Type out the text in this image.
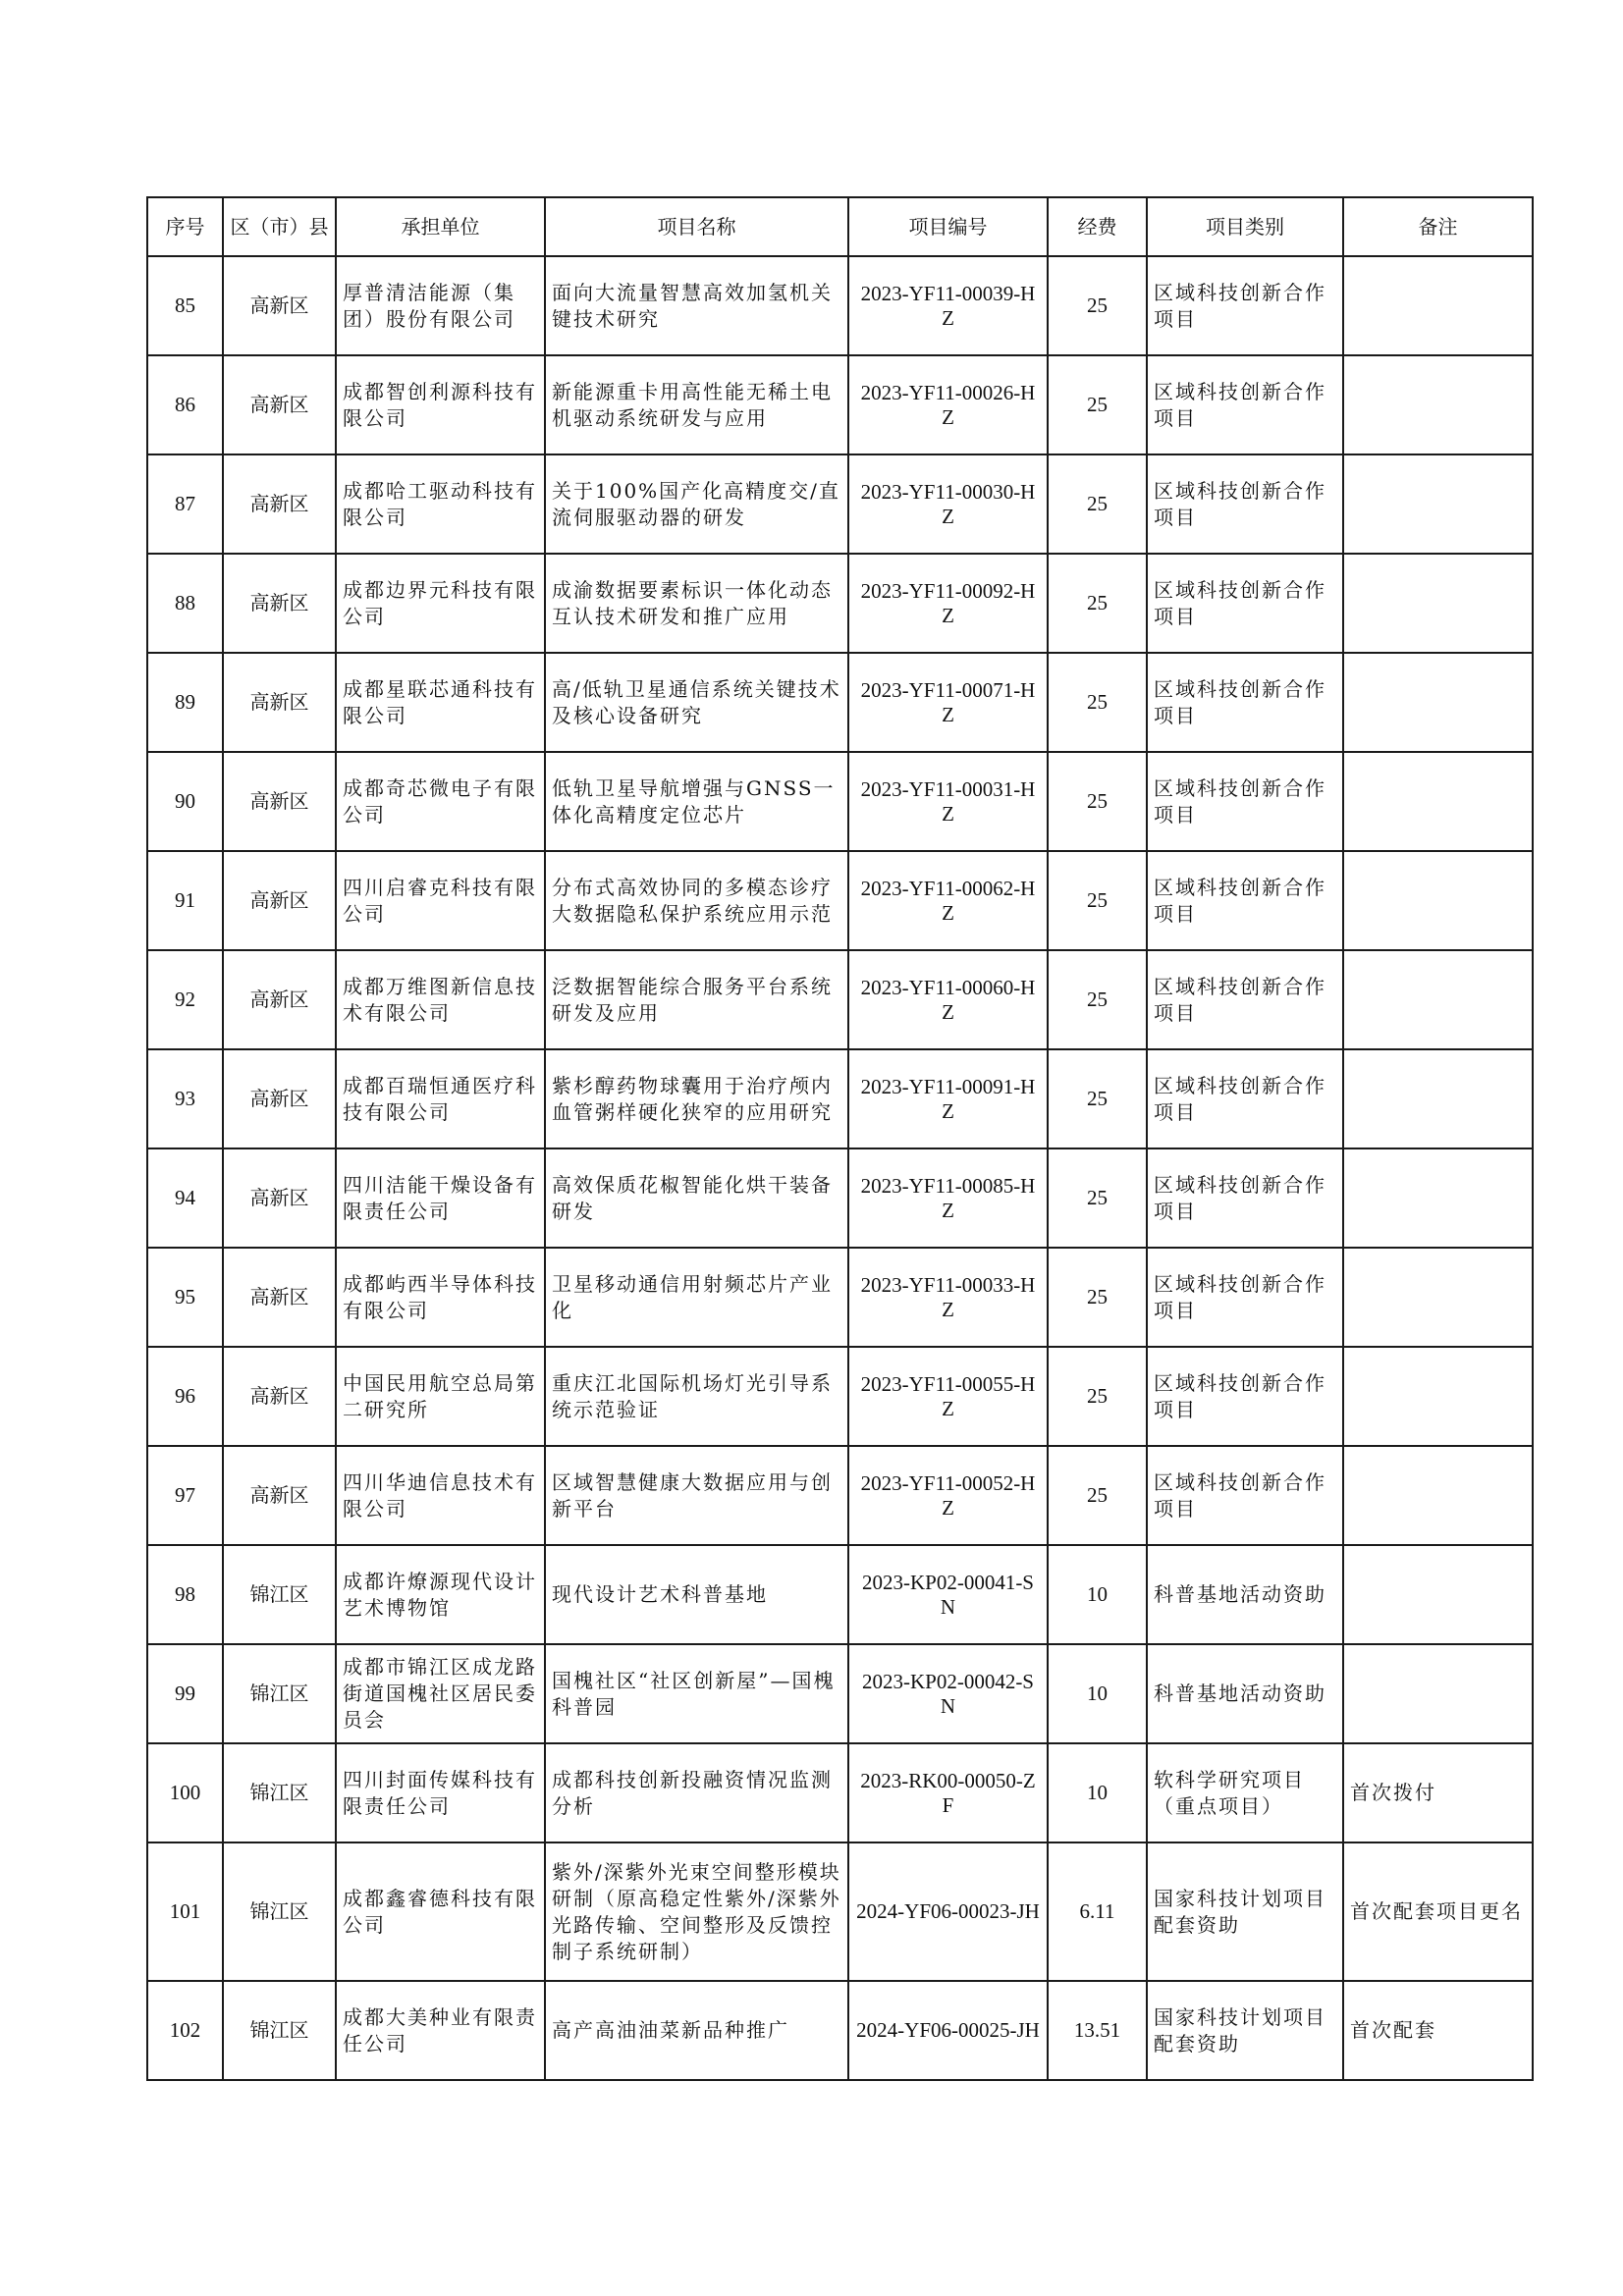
序号	区（市）县	承担单位	项目名称	项目编号	经费	项目类别	备注
85	高新区	厚普清洁能源（集团）股份有限公司	面向大流量智慧高效加氢机关键技术研究	2023-YF11-00039-HZ	25	区域科技创新合作项目	
86	高新区	成都智创利源科技有限公司	新能源重卡用高性能无稀土电机驱动系统研发与应用	2023-YF11-00026-HZ	25	区域科技创新合作项目	
87	高新区	成都哈工驱动科技有限公司	关于100%国产化高精度交/直流伺服驱动器的研发	2023-YF11-00030-HZ	25	区域科技创新合作项目	
88	高新区	成都边界元科技有限公司	成渝数据要素标识一体化动态互认技术研发和推广应用	2023-YF11-00092-HZ	25	区域科技创新合作项目	
89	高新区	成都星联芯通科技有限公司	高/低轨卫星通信系统关键技术及核心设备研究	2023-YF11-00071-HZ	25	区域科技创新合作项目	
90	高新区	成都奇芯微电子有限公司	低轨卫星导航增强与GNSS一体化高精度定位芯片	2023-YF11-00031-HZ	25	区域科技创新合作项目	
91	高新区	四川启睿克科技有限公司	分布式高效协同的多模态诊疗大数据隐私保护系统应用示范	2023-YF11-00062-HZ	25	区域科技创新合作项目	
92	高新区	成都万维图新信息技术有限公司	泛数据智能综合服务平台系统研发及应用	2023-YF11-00060-HZ	25	区域科技创新合作项目	
93	高新区	成都百瑞恒通医疗科技有限公司	紫杉醇药物球囊用于治疗颅内血管粥样硬化狭窄的应用研究	2023-YF11-00091-HZ	25	区域科技创新合作项目	
94	高新区	四川洁能干燥设备有限责任公司	高效保质花椒智能化烘干装备研发	2023-YF11-00085-HZ	25	区域科技创新合作项目	
95	高新区	成都屿西半导体科技有限公司	卫星移动通信用射频芯片产业化	2023-YF11-00033-HZ	25	区域科技创新合作项目	
96	高新区	中国民用航空总局第二研究所	重庆江北国际机场灯光引导系统示范验证	2023-YF11-00055-HZ	25	区域科技创新合作项目	
97	高新区	四川华迪信息技术有限公司	区域智慧健康大数据应用与创新平台	2023-YF11-00052-HZ	25	区域科技创新合作项目	
98	锦江区	成都许燎源现代设计艺术博物馆	现代设计艺术科普基地	2023-KP02-00041-SN	10	科普基地活动资助	
99	锦江区	成都市锦江区成龙路街道国槐社区居民委员会	国槐社区“社区创新屋”—国槐科普园	2023-KP02-00042-SN	10	科普基地活动资助	
100	锦江区	四川封面传媒科技有限责任公司	成都科技创新投融资情况监测分析	2023-RK00-00050-ZF	10	软科学研究项目（重点项目）	首次拨付
101	锦江区	成都鑫睿德科技有限公司	紫外/深紫外光束空间整形模块研制（原高稳定性紫外/深紫外光路传输、空间整形及反馈控制子系统研制）	2024-YF06-00023-JH	6.11	国家科技计划项目配套资助	首次配套项目更名
102	锦江区	成都大美种业有限责任公司	高产高油油菜新品种推广	2024-YF06-00025-JH	13.51	国家科技计划项目配套资助	首次配套
